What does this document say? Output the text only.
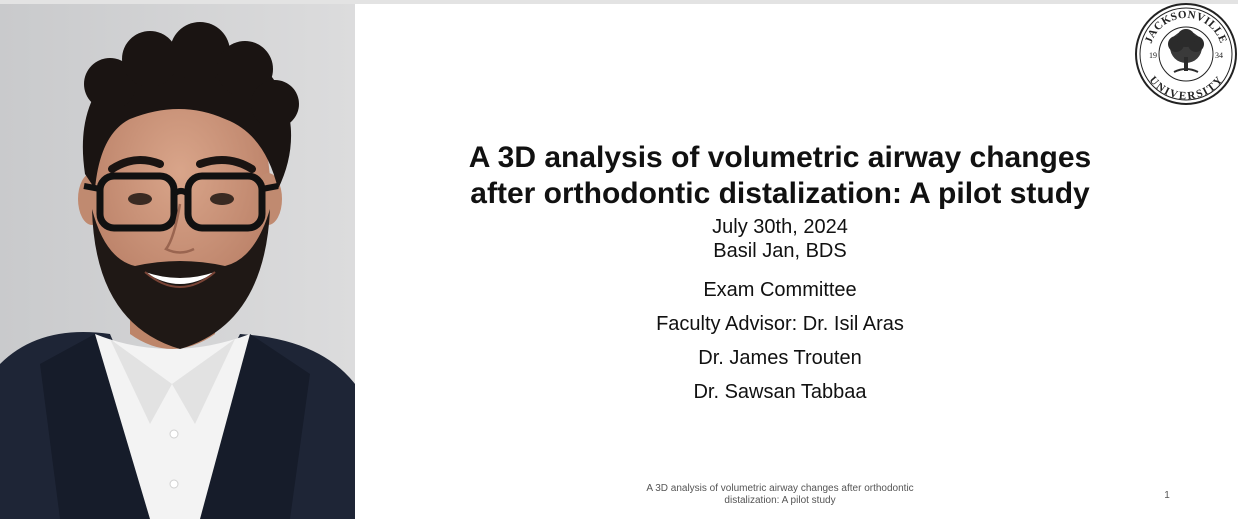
JACKSONVILLE
UNIVERSITY
19	34
A 3D analysis of volumetric airway changes
after orthodontic distalization: A pilot study
July 30th, 2024
Basil Jan, BDS
Exam Committee
Faculty Advisor: Dr. Isil Aras
Dr. James Trouten
Dr. Sawsan Tabbaa
A 3D analysis of volumetric airway changes after orthodontic
distalization: A pilot study	1
